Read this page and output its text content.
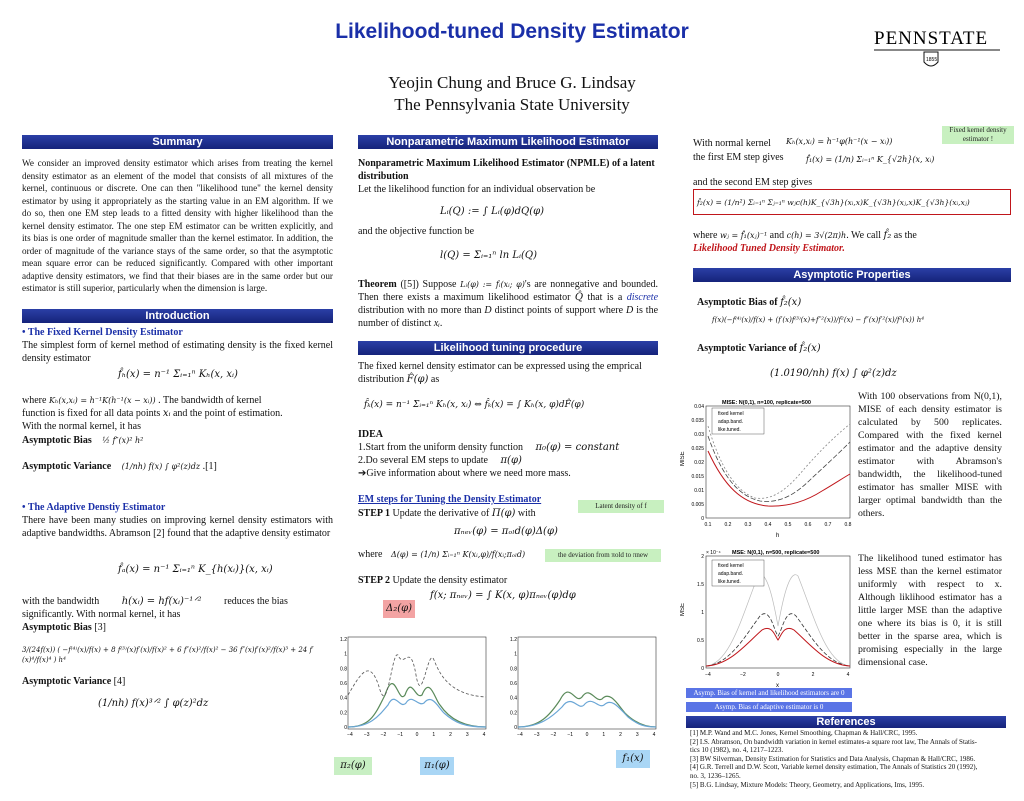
Likelihood-tuned Density Estimator
Yeojin Chung and Bruce G. Lindsay
The Pennsylvania State University
PENNSTATE
1855
Summary
We consider an improved density estimator which arises from treating the kernel density estimator as an element of the model that consists of all mixtures of the kernel, continuous or discrete. One can then "likelihood tune" the kernel density estimator by using it appropriately as the starting value in an EM algorithm. If we do so, then one EM step leads to a fitted density with higher likelihood than the kernel density estimator. The one step EM estimator can be written explicitly, and its bias is one order of magnitude smaller than the kernel estimator. In addition, the order of magnitude of the variance stays of the same order, so that the asymptotic mean square error can be reduced significantly. Compared with other important adaptive density estimators, we find that their biases are in the same order but our estimator is still superior, particularly when the dimension is large.
Introduction
• The Fixed Kernel Density Estimator
The simplest form of kernel method of estimating density is the fixed kernel density estimator
f̂ₕ(x) = n⁻¹ Σᵢ₌₁ⁿ Kₕ(x, xᵢ)
where Kₕ(x,xᵢ) = h⁻¹K(h⁻¹(x − xᵢ)) . The bandwidth of kernel
function is fixed for all data points xᵢ and the point of estimation.
With the normal kernel, it has
Asymptotic Bias ½ f″(x)² h²
Asymptotic Variance (1/nh) f(x) ∫ φ²(z)dz .[1]
• The Adaptive Denstiy Estimator
There have been many studies on improving kernel density estimators with adaptive bandwidths. Abramson [2] found that the adaptive density estimator
f̂ₐ(x) = n⁻¹ Σᵢ₌₁ⁿ K_{h(xᵢ)}(x, xᵢ)
with the bandwidth h(xᵢ) = hf(xᵢ)⁻¹ᐟ² reduces the bias
significantly. With normal kernel, it has
Asymptotic Bias [3]
3/(24f(x)) ( −f⁽⁴⁾(x)/f(x) + 8 f⁽³⁾(x)f′(x)/f(x)² + 6 f″(x)²/f(x)² − 36 f″(x)f′(x)²/f(x)³ + 24 f′(x)⁴/f(x)⁴ ) h⁴
Asymptotic Variance [4]
(1/nh) f(x)³ᐟ² ∫ φ(z)²dz
Nonparametric Maximum Likelihood Estimator
Nonparametric Maximum Likelihood Estimator (NPMLE) of a latent distribution
Let the likelihood function for an individual observation be
Lᵢ(Q) := ∫ Lᵢ(φ)dQ(φ)
and the objective function be
l(Q) = Σᵢ₌₁ⁿ ln Lᵢ(Q)
Theorem ([5]) Suppose Lᵢ(φ) := fᵢ(xᵢ; φ)'s are nonnegative and bounded. Then there exists a maximum likelihood estimator Q̂ that is a discrete distribution with no more than D distinct points of support where D is the number of distinct xᵢ.
Likelihood tuning procedure
The fixed kernel density estimator can be expressed using the emprical distribution F̂(φ) as
f̂ₖ(x) = n⁻¹ Σᵢ₌₁ⁿ Kₕ(x, xᵢ) ⇔ f̂ₖ(x) = ∫ Kₕ(x, φ)dF̂(φ)
IDEA
1.Start from the uniform density function π₀(φ) = constant
2.Do several EM steps to update π(φ)
➔Give information about where we need more mass.
EM steps for Tuning the Density Estimator
Latent density of f
STEP 1 Update the derivative of Π(φ) with
πₙₑᵥ(φ) = πₒₗd(φ)Δ(φ)
where Δ(φ) = (1/n) Σᵢ₌₁ⁿ K(xᵢ,φ)/f(xᵢ;πₒₗd)	the deviation from πold to πnew
STEP 2 Update the density estimator
f(x; πₙₑᵥ) = ∫ K(x, φ)πₙₑᵥ(φ)dφ
Δ₂(φ)
π₂(φ)	π₁(φ)
f₁(x)
1.2
1
0.8
0.6
0.4
0.2
0
−4 −3 −2 −1	0	1	2	3	4
1.2
1
0.8
0.6
0.4
0.2
0
−4 −3 −2 −1	0	1	2	3	4
Fixed kernel density estimator !
With normal kernel Kₕ(x,xᵢ) = h⁻¹φ(h⁻¹(x − xᵢ))
the first EM step gives	f̂₁(x) = (1/n) Σᵢ₌₁ⁿ K_{√2h}(x, xᵢ)
and the second EM step gives
f̂₂(x) = (1/n²) Σᵢ₌₁ⁿ Σⱼ₌₁ⁿ wⱼc(h)K_{√3h}(xᵢ,x)K_{√3h}(xⱼ,x)K_{√3h}(xᵢ,xⱼ)
where wⱼ = f̂₁(xⱼ)⁻¹ and c(h) = 3√(2π)h. We call f̂₂ as the
Likelihood Tuned Density Estimator.
Asymptotic Properties
Asymptotic Bias of f̂₂(x)
f(x)(−f⁽⁴⁾(x)/f(x) + (f′(x)f⁽³⁾(x)+f″²(x))/f²(x) − f″(x)f′²(x)/f³(x)) h⁴
Asymptotic Variance of f̂₂(x)
(1.0190/nh) f(x) ∫ φ²(z)dz
With 100 observations from N(0,1), MISE of each density estimator is calculated by 500 replicates. Compared with the fixed kernel estimator and the adaptive density estimator with Abramson's bandwidth, the likelihood-tuned estimator has smaller MISE with larger optimal bandwidth than the others.
The likelihood tuned estimator has less MSE than the kernel estimator uniformly with respect to x. Although liklihood estimator has a little larger MSE than the adaptive one where its bias is 0, it is still better in the sparse area, which is promising especially in the large dimensional case.
MISE: N(0,1), n=100, replicate=500
0.04
0.035
0.03
0.025
0.02
0.015
0.01
0.005
0
0.1	0.2	0.3	0.4	0.5	0.6	0.7	0.8
MISE
h
fixed kernel
adap.band.
like.tuned.
× 10⁻⁴ MSE: N(0,1), n=500, replicate=500
2
1.5
1
0.5
0
−4	−2	0	2	4
MSE
x
fixed kernel
adap.band.
like.tuned.
Asymp. Bias of kernel and likelihood estimators are 0
Asymp. Bias of adaptive estimator is 0
References
[1] M.P. Wand and M.C. Jones, Kernel Smoothing, Chapman & Hall/CRC, 1995.
[2] I.S. Abramson, On bandwidth variation in kernel estimates-a square root law, The Annals of Statis-
tics 10 (1982), no. 4, 1217–1223.
[3] BW Silverman, Density Estimation for Statistics and Data Analysis, Chapman & Hall/CRC, 1986.
[4] G.R. Terrell and D.W. Scott, Variable kernel density estimation, The Annals of Statistics 20 (1992),
no. 3, 1236–1265.
[5] B.G. Lindsay, Mixture Models: Theory, Geometry, and Applications, Ims, 1995.
